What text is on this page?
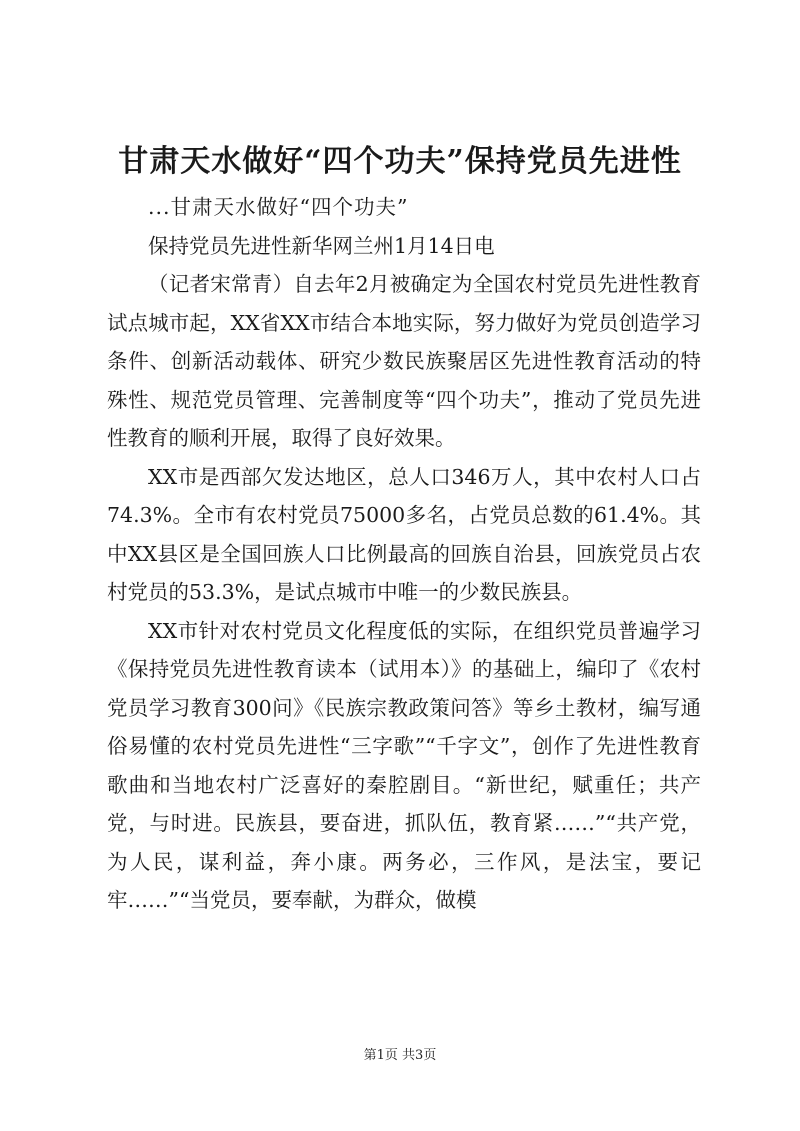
甘肃天水做好“四个功夫”保持党员先进性

...甘肃天水做好“四个功夫”

保持党员先进性新华网兰州1月14日电

（记者宋常青）自去年2月被确定为全国农村党员先进性教育试点城市起，XX省XX市结合本地实际，努力做好为党员创造学习条件、创新活动载体、研究少数民族聚居区先进性教育活动的特殊性、规范党员管理、完善制度等“四个功夫”，推动了党员先进性教育的顺利开展，取得了良好效果。

XX市是西部欠发达地区，总人口346万人，其中农村人口占74.3%。全市有农村党员75000多名，占党员总数的61.4%。其中XX县区是全国回族人口比例最高的回族自治县，回族党员占农村党员的53.3%，是试点城市中唯一的少数民族县。

XX市针对农村党员文化程度低的实际，在组织党员普遍学习《保持党员先进性教育读本（试用本）》的基础上，编印了《农村党员学习教育300问》《民族宗教政策问答》等乡土教材，编写通俗易懂的农村党员先进性“三字歌”“千字文”，创作了先进性教育歌曲和当地农村广泛喜好的秦腔剧目。“新世纪，赋重任；共产党，与时进。民族县，要奋进，抓队伍，教育紧……”“共产党，为人民，谋利益，奔小康。两务必，三作风，是法宝，要记牢……”“当党员，要奉献，为群众，做模

第1页 共3页
